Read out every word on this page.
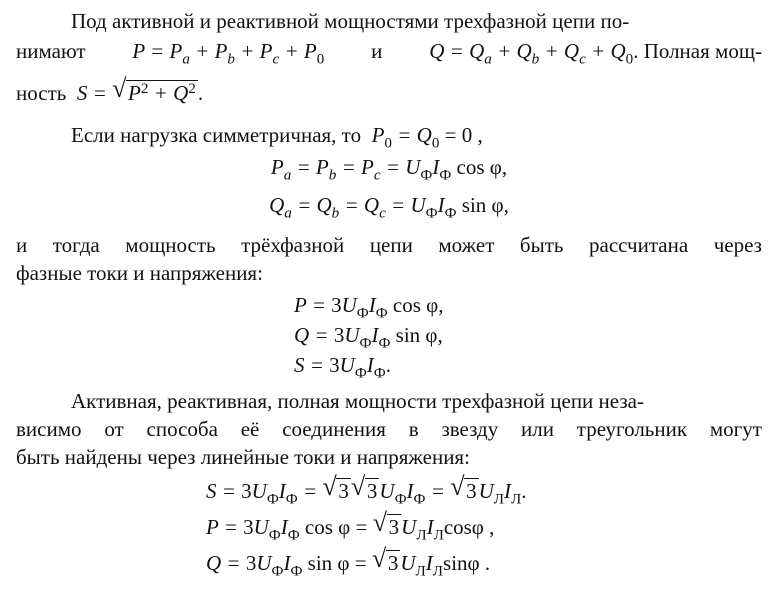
Под активной и реактивной мощностями трехфазной цепи по-
нимают $P = P_a + P_b + P_c + P_0$ и $Q = Q_a + Q_b + Q_c + Q_0$. Полная мощ-
ность  S = √ $P^2 + Q^2$.
Если нагрузка симметричная, то  $P_0 = Q_0 = 0$ ,
$P_a = P_b = P_c = U_ФI_Ф$ cos φ,
$Q_a = Q_b = Q_c = U_ФI_Ф$ sin φ,
и тогда мощность трёхфазной цепи может быть рассчитана через
фазные токи и напряжения:
$P = 3U_ФI_Ф$ cos φ,
$Q = 3U_ФI_Ф$ sin φ,
$S = 3U_ФI_Ф$.
Активная, реактивная, полная мощности трехфазной цепи неза-
висимо от способа её соединения в звезду или треугольник могут
быть найдены через линейные токи и напряжения:
$S = 3U_ФI_Ф$ = √ 3 √ $3U_ФI_Ф$ = √ $3U_ЛI_Л$.
$P = 3U_ФI_Ф$ cos φ = √ $3U_ЛI_Л\cos\varphi$ ,
$Q = 3U_ФI_Ф$ sin φ = √ $3U_ЛI_Л\sin\varphi$ .
